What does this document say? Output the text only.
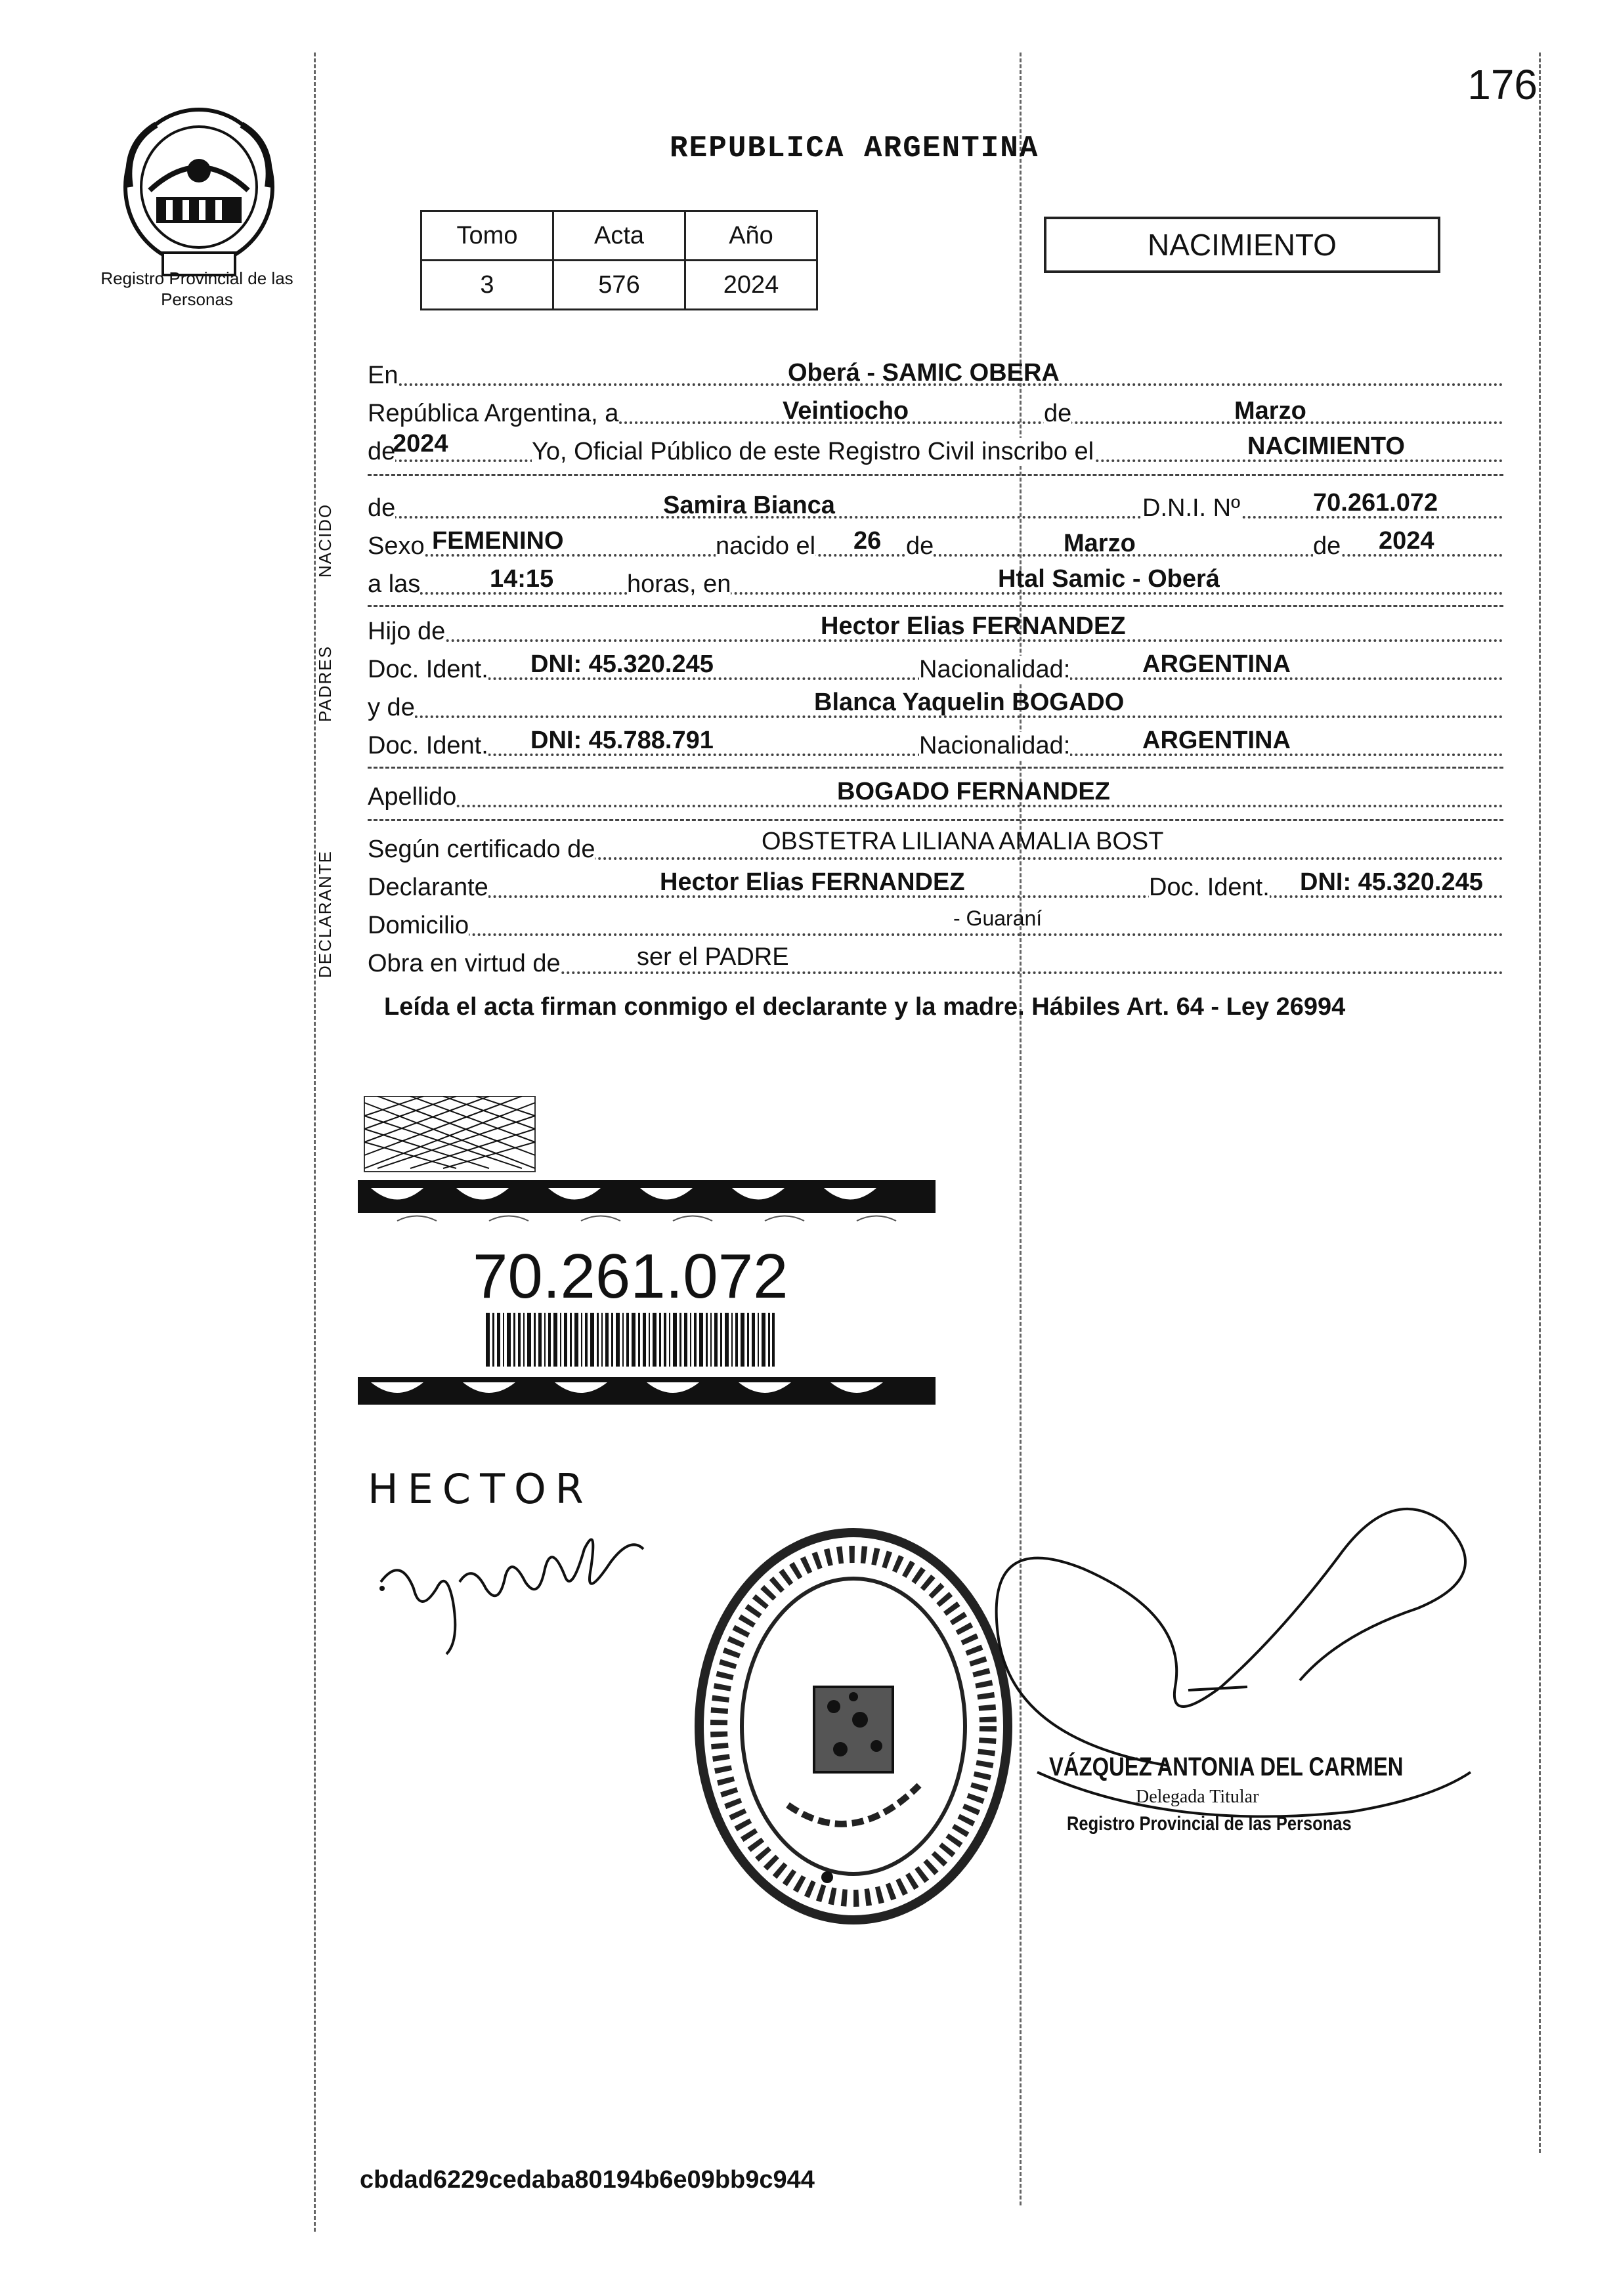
176
Registro Provincial de las Personas
REPUBLICA ARGENTINA
Tomo	Acta	Año
3	576	2024
NACIMIENTO
En	Oberá - SAMIC OBERA
República Argentina, a	Veintiocho	de	Marzo
de
2024	Yo, Oficial Público de este Registro Civil inscribo el	NACIMIENTO
NACIDO de	Samira Bianca	D.N.I. Nº	70.261.072
Sexo FEMENINO	nacido el 26 de	Marzo	de 2024
a las	14:15	horas, en	Htal Samic - Oberá
PADRES
Hijo de	Hector Elias FERNANDEZ
Doc. Ident. DNI: 45.320.245	Nacionalidad:	ARGENTINA
y de	Blanca Yaquelin BOGADO
Doc. Ident. DNI: 45.788.791	Nacionalidad:	ARGENTINA
Apellido	BOGADO FERNANDEZ
DECLARANTE
Según certificado de	OBSTETRA LILIANA AMALIA BOST
Declarante	Hector Elias FERNANDEZ	Doc. Ident. DNI: 45.320.245
Domicilio	- Guaraní
Obra en virtud de	ser el PADRE
Leída el acta firman conmigo el declarante y la madre. Hábiles Art. 64 - Ley 26994
70.261.072
HECTOR
VÁZQUEZ ANTONIA DEL CARMEN
Delegada Titular
Registro Provincial de las Personas
cbdad6229cedaba80194b6e09bb9c944
